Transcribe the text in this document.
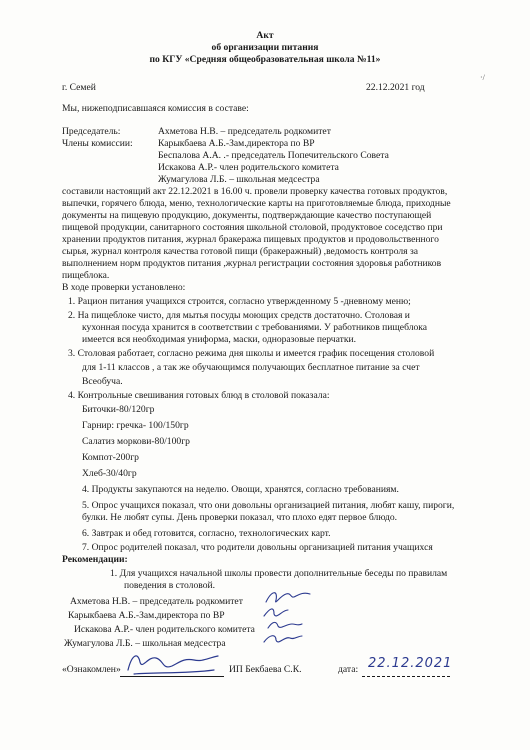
Акт
об организации питания
по КГУ «Средняя общеобразовательная школа №11»
г. Семей	22.12.2021 год
·/
Мы, нижеподписавшаяся комиссия в составе:
Председатель:	Ахметова Н.В. – председатель родкомитет
Члены комиссии:	Карыкбаева А.Б.-Зам.директора по ВР
Беспалова А.А. .- председатель Попечительского Совета
Искакова А.Р.- член родительского комитета
Жумагулова Л.Б. – школьная медсестра
составили настоящий акт 22.12.2021 в 16.00 ч. провели проверку качества готовых продуктов,
выпечки, горячего блюда, меню, технологические карты на приготовляемые блюда, приходные
документы на пищевую продукцию, документы, подтверждающие качество поступающей
пищевой продукции, санитарного состояния школьной столовой, продуктовое соседство при
хранении продуктов питания, журнал бракеража пищевых продуктов и продовольственного
сырья, журнал контроля качества готовой пищи (бракеражный) ,ведомость контроля за
выполнением норм продуктов питания ,журнал регистрации состояния здоровья работников
пищеблока.
В ходе проверки установлено:
1. Рацион питания учащихся строится, согласно утвержденному 5 -дневному меню;
2. На пищеблоке чисто, для мытья посуды моющих средств достаточно. Столовая и
кухонная посуда хранится в соответствии с требованиями. У работников пищеблока
имеется вся необходимая униформа, маски, одноразовые перчатки.
3. Столовая работает, согласно режима дня школы и имеется график посещения столовой
для 1-11 классов , а так же обучающимся получающих бесплатное питание за счет
Всеобуча.
4. Контрольные свешивания готовых блюд в столовой показала:
Биточки-80/120гр
Гарнир: гречка- 100/150гр
Салатиз моркови-80/100гр
Компот-200гр
Хлеб-30/40гр
4. Продукты закупаются на неделю. Овощи, хранятся, согласно требованиям.
5. Опрос учащихся показал, что они довольны организацией питания, любят кашу, пироги,
булки. Не любят супы. День проверки показал, что плохо едят первое блюдо.
6. Завтрак и обед готовится, согласно, технологических карт.
7. Опрос родителей показал, что родители довольны организацией питания учащихся
Рекомендации:
1. Для учащихся начальной школы провести дополнительные беседы по правилам
поведения в столовой.
Ахметова Н.В. – председатель родкомитет
Карыкбаева А.Б.-Зам.директора по ВР
Искакова А.Р.- член родительского комитета
Жумагулова Л.Б. – школьная медсестра
«Ознакомлен»	ИП Бекбаева С.К.	дата: 22.12.2021
